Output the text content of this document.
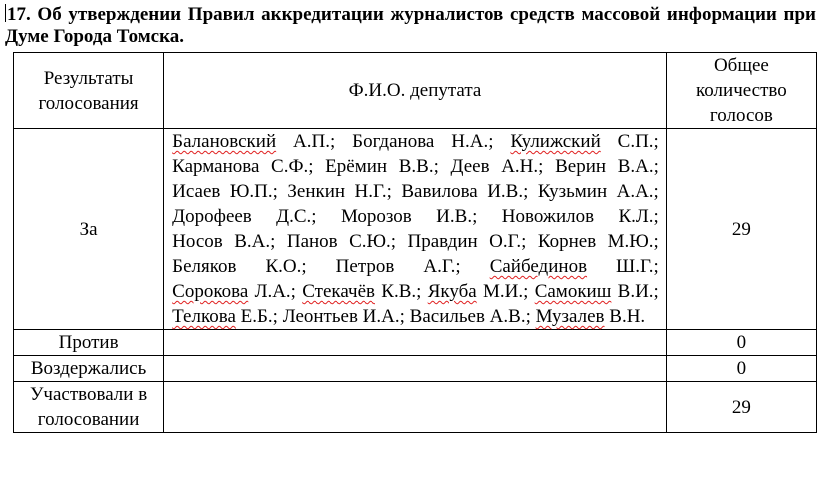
17. Об утверждении Правил аккредитации журналистов средств массовой информации при Думе Города Томска.
Результаты голосования	Ф.И.О. депутата	Общее количество голосов
За	Балановский А.П.; Богданова Н.А.; Кулижский С.П.; Карманова С.Ф.; Ерёмин В.В.; Деев А.Н.; Верин В.А.; Исаев Ю.П.; Зенкин Н.Г.; Вавилова И.В.; Кузьмин А.А.; Дорофеев Д.С.; Морозов И.В.; Новожилов К.Л.; Носов В.А.; Панов С.Ю.; Правдин О.Г.; Корнев М.Ю.; Беляков К.О.; Петров А.Г.; Сайбединов Ш.Г.; Сорокова Л.А.; Стекачёв К.В.; Якуба М.И.; Самокиш В.И.; Телкова Е.Б.; Леонтьев И.А.; Васильев А.В.; Музалев В.Н.	29
Против		0
Воздержались		0
Участвовали в голосовании		29
